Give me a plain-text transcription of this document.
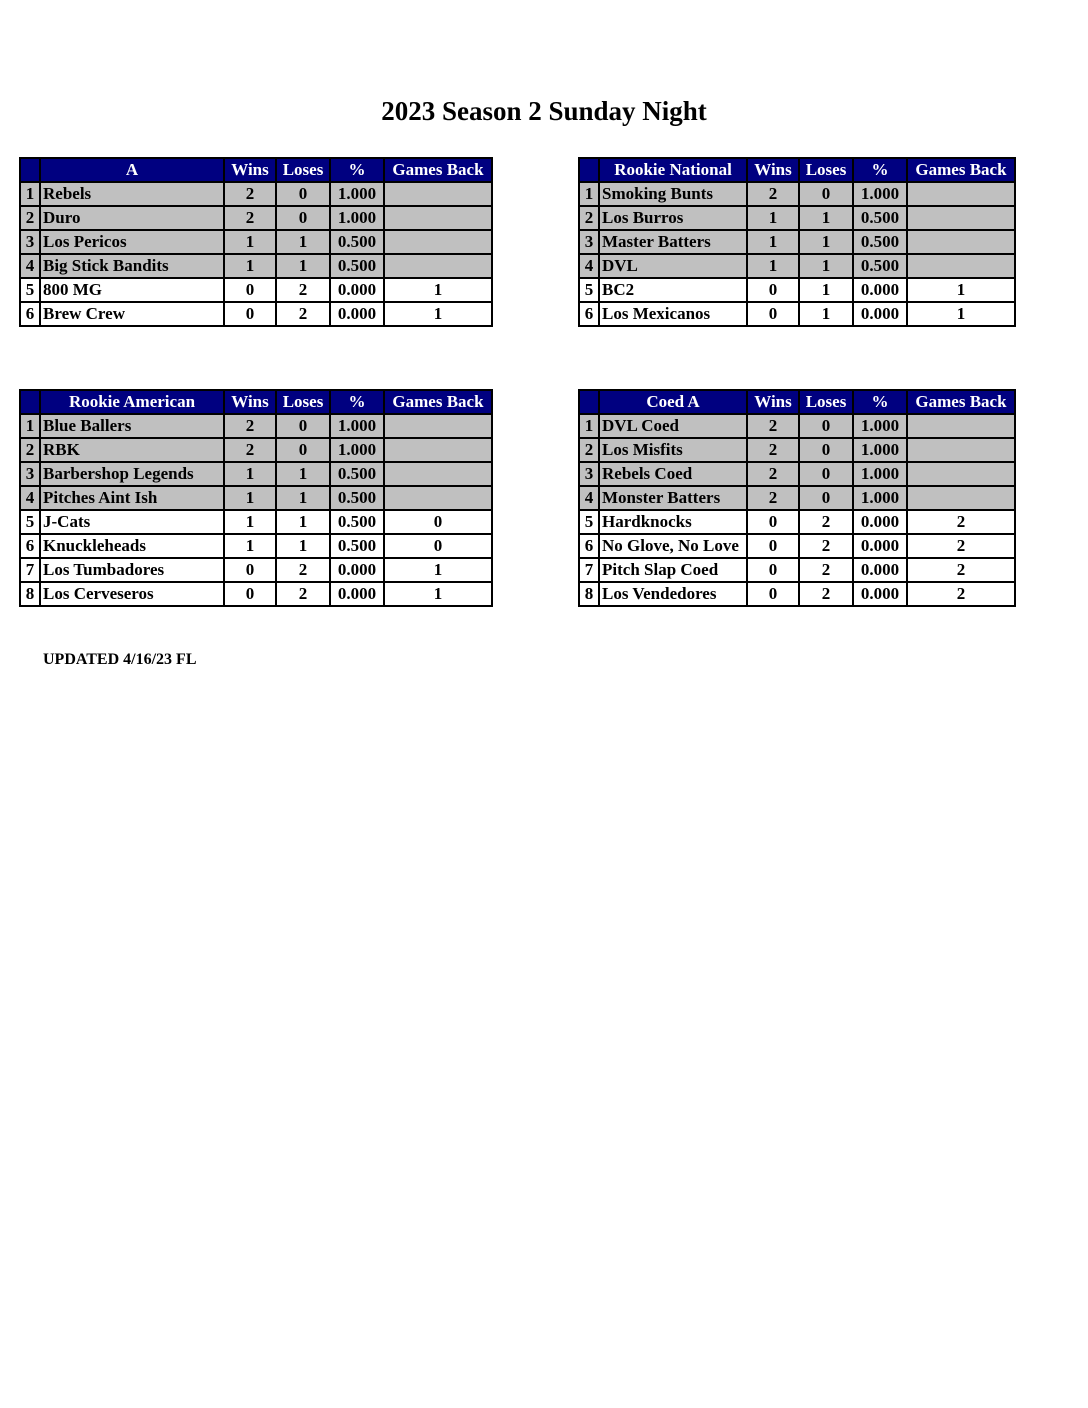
2023 Season 2 Sunday Night
	A	Wins	Loses	%	Games Back
1	Rebels	2	0	1.000	
2	Duro	2	0	1.000	
3	Los Pericos	1	1	0.500	
4	Big Stick Bandits	1	1	0.500	
5	800 MG	0	2	0.000	1
6	Brew Crew	0	2	0.000	1
	Rookie National	Wins	Loses	%	Games Back
1	Smoking Bunts	2	0	1.000	
2	Los Burros	1	1	0.500	
3	Master Batters	1	1	0.500	
4	DVL	1	1	0.500	
5	BC2	0	1	0.000	1
6	Los Mexicanos	0	1	0.000	1
	Rookie American	Wins	Loses	%	Games Back
1	Blue Ballers	2	0	1.000	
2	RBK	2	0	1.000	
3	Barbershop Legends	1	1	0.500	
4	Pitches Aint Ish	1	1	0.500	
5	J-Cats	1	1	0.500	0
6	Knuckleheads	1	1	0.500	0
7	Los Tumbadores	0	2	0.000	1
8	Los Cerveseros	0	2	0.000	1
	Coed A	Wins	Loses	%	Games Back
1	DVL Coed	2	0	1.000	
2	Los Misfits	2	0	1.000	
3	Rebels Coed	2	0	1.000	
4	Monster Batters	2	0	1.000	
5	Hardknocks	0	2	0.000	2
6	No Glove, No Love	0	2	0.000	2
7	Pitch Slap Coed	0	2	0.000	2
8	Los Vendedores	0	2	0.000	2
UPDATED 4/16/23 FL
